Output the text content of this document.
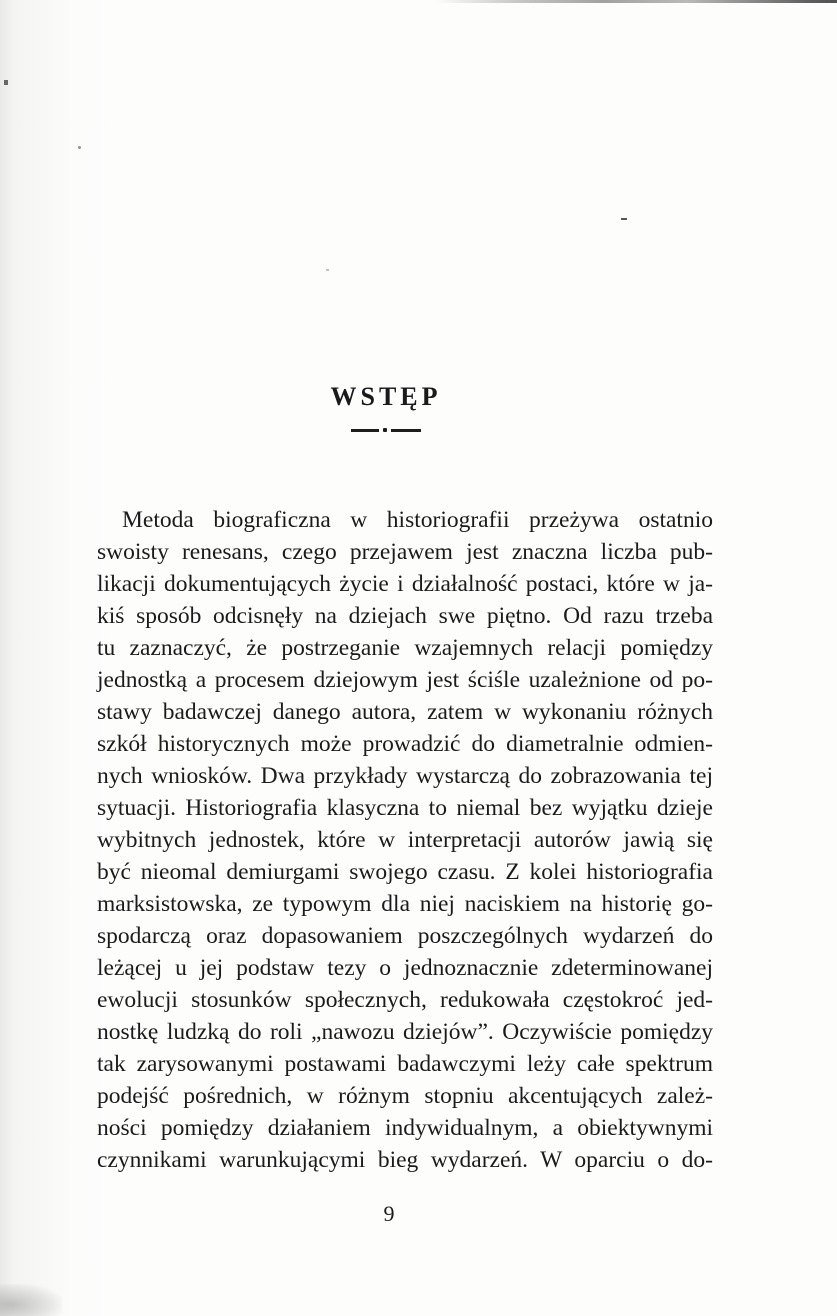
WSTĘP
Metoda biograficzna w historiografii przeżywa ostatnio
swoisty renesans, czego przejawem jest znaczna liczba pub-
likacji dokumentujących życie i działalność postaci, które w ja-
kiś sposób odcisnęły na dziejach swe piętno. Od razu trzeba
tu zaznaczyć, że postrzeganie wzajemnych relacji pomiędzy
jednostką a procesem dziejowym jest ściśle uzależnione od po-
stawy badawczej danego autora, zatem w wykonaniu różnych
szkół historycznych może prowadzić do diametralnie odmien-
nych wniosków. Dwa przykłady wystarczą do zobrazowania tej
sytuacji. Historiografia klasyczna to niemal bez wyjątku dzieje
wybitnych jednostek, które w interpretacji autorów jawią się
być nieomal demiurgami swojego czasu. Z kolei historiografia
marksistowska, ze typowym dla niej naciskiem na historię go-
spodarczą oraz dopasowaniem poszczególnych wydarzeń do
leżącej u jej podstaw tezy o jednoznacznie zdeterminowanej
ewolucji stosunków społecznych, redukowała częstokroć jed-
nostkę ludzką do roli „nawozu dziejów”. Oczywiście pomiędzy
tak zarysowanymi postawami badawczymi leży całe spektrum
podejść pośrednich, w różnym stopniu akcentujących zależ-
ności pomiędzy działaniem indywidualnym, a obiektywnymi
czynnikami warunkującymi bieg wydarzeń. W oparciu o do-
9
